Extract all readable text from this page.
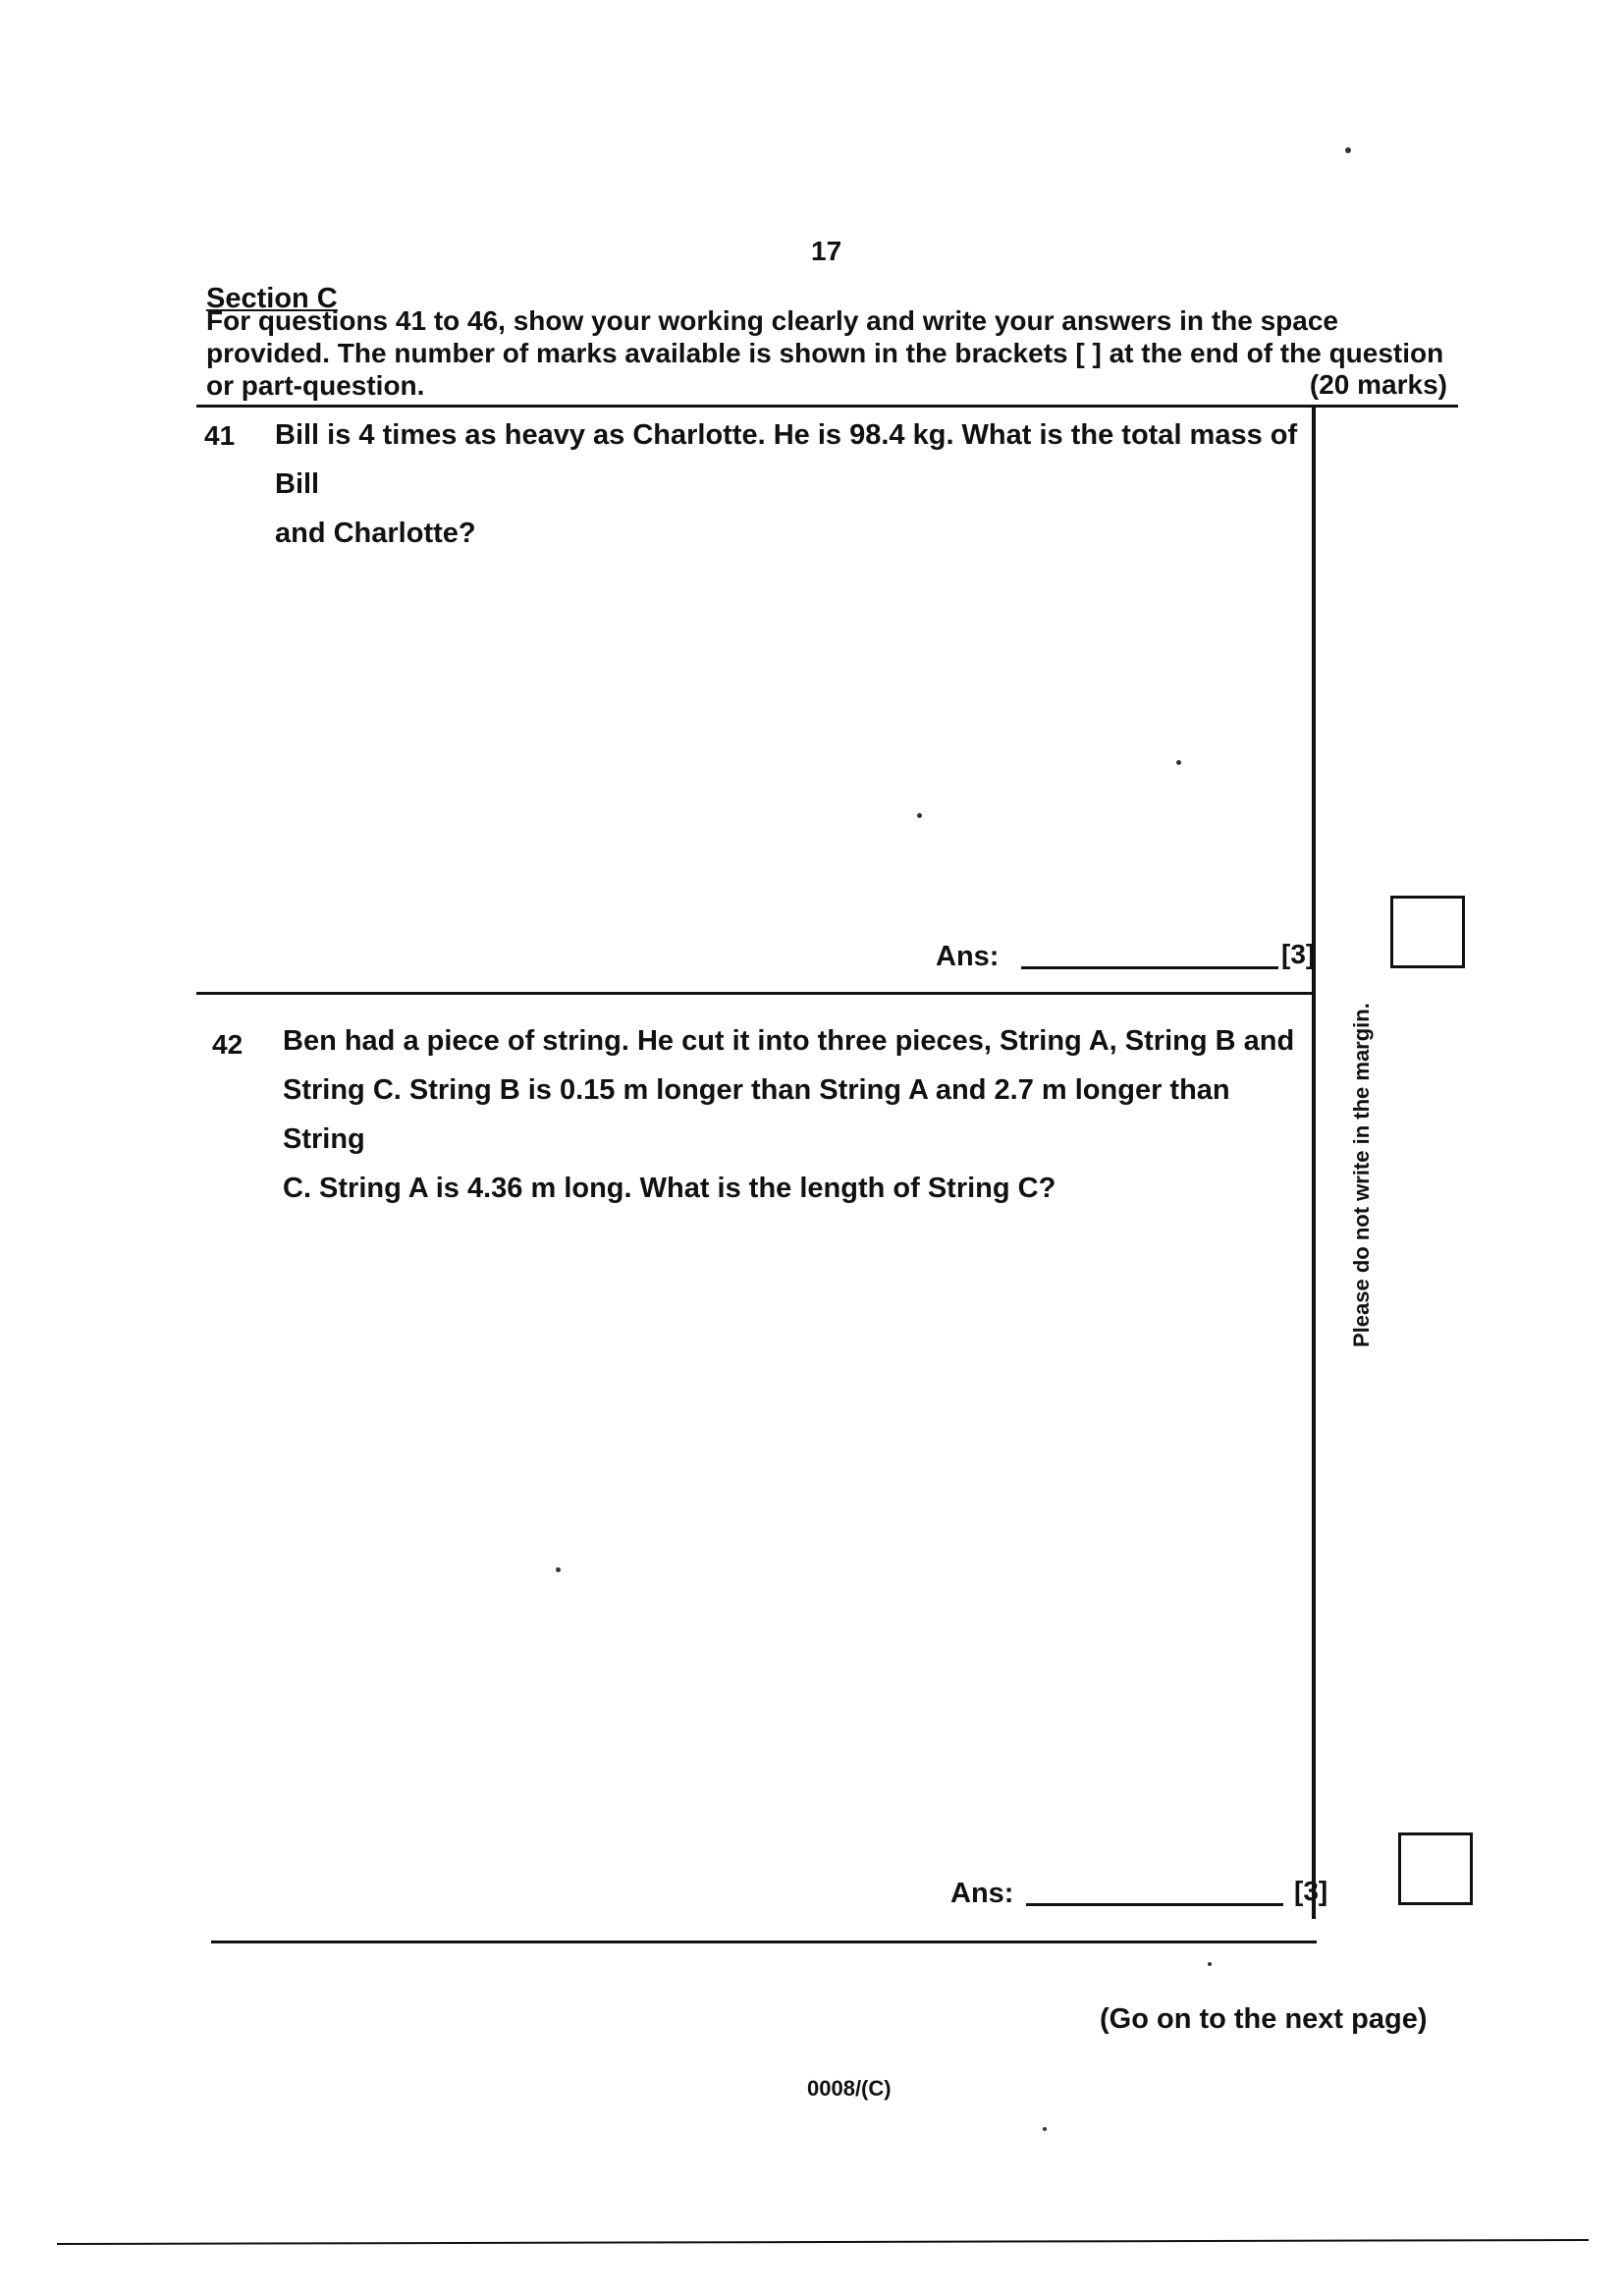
17
Section C
For questions 41 to 46, show your working clearly and write your answers in the space
provided. The number of marks available is shown in the brackets [ ] at the end of the question
or part-question.	(20 marks)
41 Bill is 4 times as heavy as Charlotte. He is 98.4 kg. What is the total mass of Bill
and Charlotte?
Ans:	[3]
42 Ben had a piece of string. He cut it into three pieces, String A, String B and
String C. String B is 0.15 m longer than String A and 2.7 m longer than String
C. String A is 4.36 m long. What is the length of String C?
Ans:	[3]
Please do not write in the margin.
(Go on to the next page)
0008/(C)
